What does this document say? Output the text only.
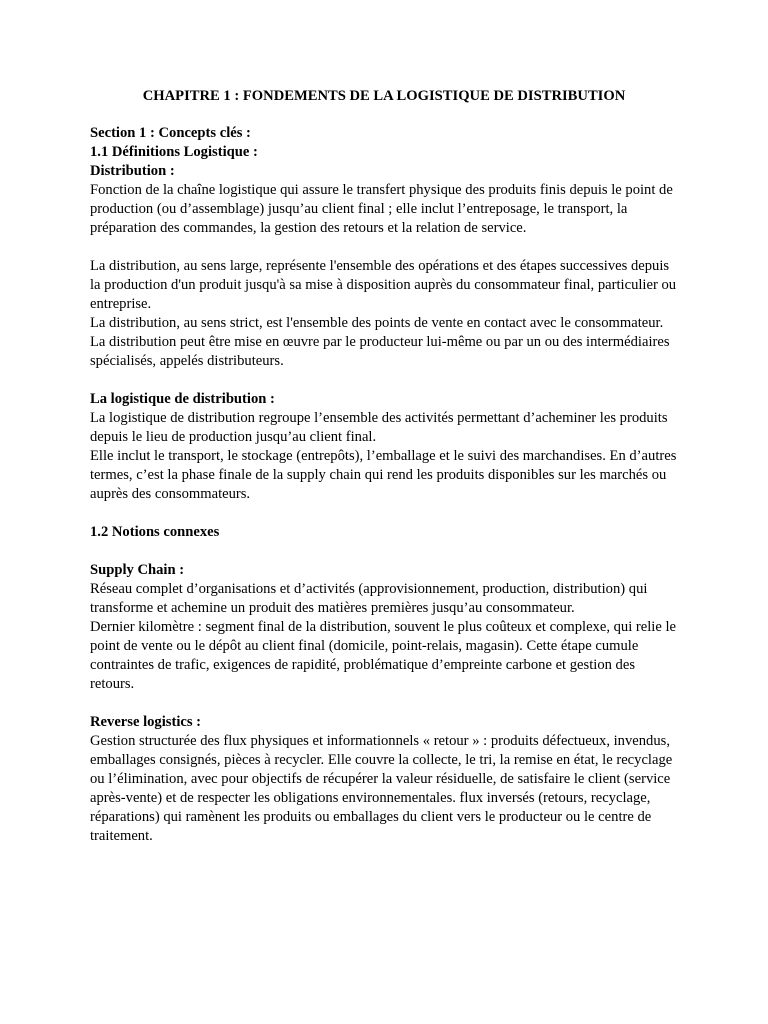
CHAPITRE 1 : FONDEMENTS DE LA LOGISTIQUE DE DISTRIBUTION

Section 1 : Concepts clés :

1.1 Définitions Logistique :

Distribution :

Fonction de la chaîne logistique qui assure le transfert physique des produits finis depuis le point de production (ou d’assemblage) jusqu’au client final ; elle inclut l’entreposage, le transport, la préparation des commandes, la gestion des retours et la relation de service.

La distribution, au sens large, représente l'ensemble des opérations et des étapes successives depuis la production d'un produit jusqu'à sa mise à disposition auprès du consommateur final, particulier ou entreprise.

La distribution, au sens strict, est l'ensemble des points de vente en contact avec le consommateur.

La distribution peut être mise en œuvre par le producteur lui-même ou par un ou des intermédiaires spécialisés, appelés distributeurs.

La logistique de distribution :

La logistique de distribution regroupe l’ensemble des activités permettant d’acheminer les produits depuis le lieu de production jusqu’au client final.

Elle inclut le transport, le stockage (entrepôts), l’emballage et le suivi des marchandises. En d’autres termes, c’est la phase finale de la supply chain qui rend les produits disponibles sur les marchés ou auprès des consommateurs.

1.2 Notions connexes

Supply Chain :

Réseau complet d’organisations et d’activités (approvisionnement, production, distribution) qui transforme et achemine un produit des matières premières jusqu’au consommateur.

Dernier kilomètre : segment final de la distribution, souvent le plus coûteux et complexe, qui relie le point de vente ou le dépôt au client final (domicile, point-relais, magasin). Cette étape cumule contraintes de trafic, exigences de rapidité, problématique d’empreinte carbone et gestion des retours.

Reverse logistics :

Gestion structurée des flux physiques et informationnels « retour » : produits défectueux, invendus, emballages consignés, pièces à recycler. Elle couvre la collecte, le tri, la remise en état, le recyclage ou l’élimination, avec pour objectifs de récupérer la valeur résiduelle, de satisfaire le client (service après-vente) et de respecter les obligations environnementales. flux inversés (retours, recyclage, réparations) qui ramènent les produits ou emballages du client vers le producteur ou le centre de traitement.
